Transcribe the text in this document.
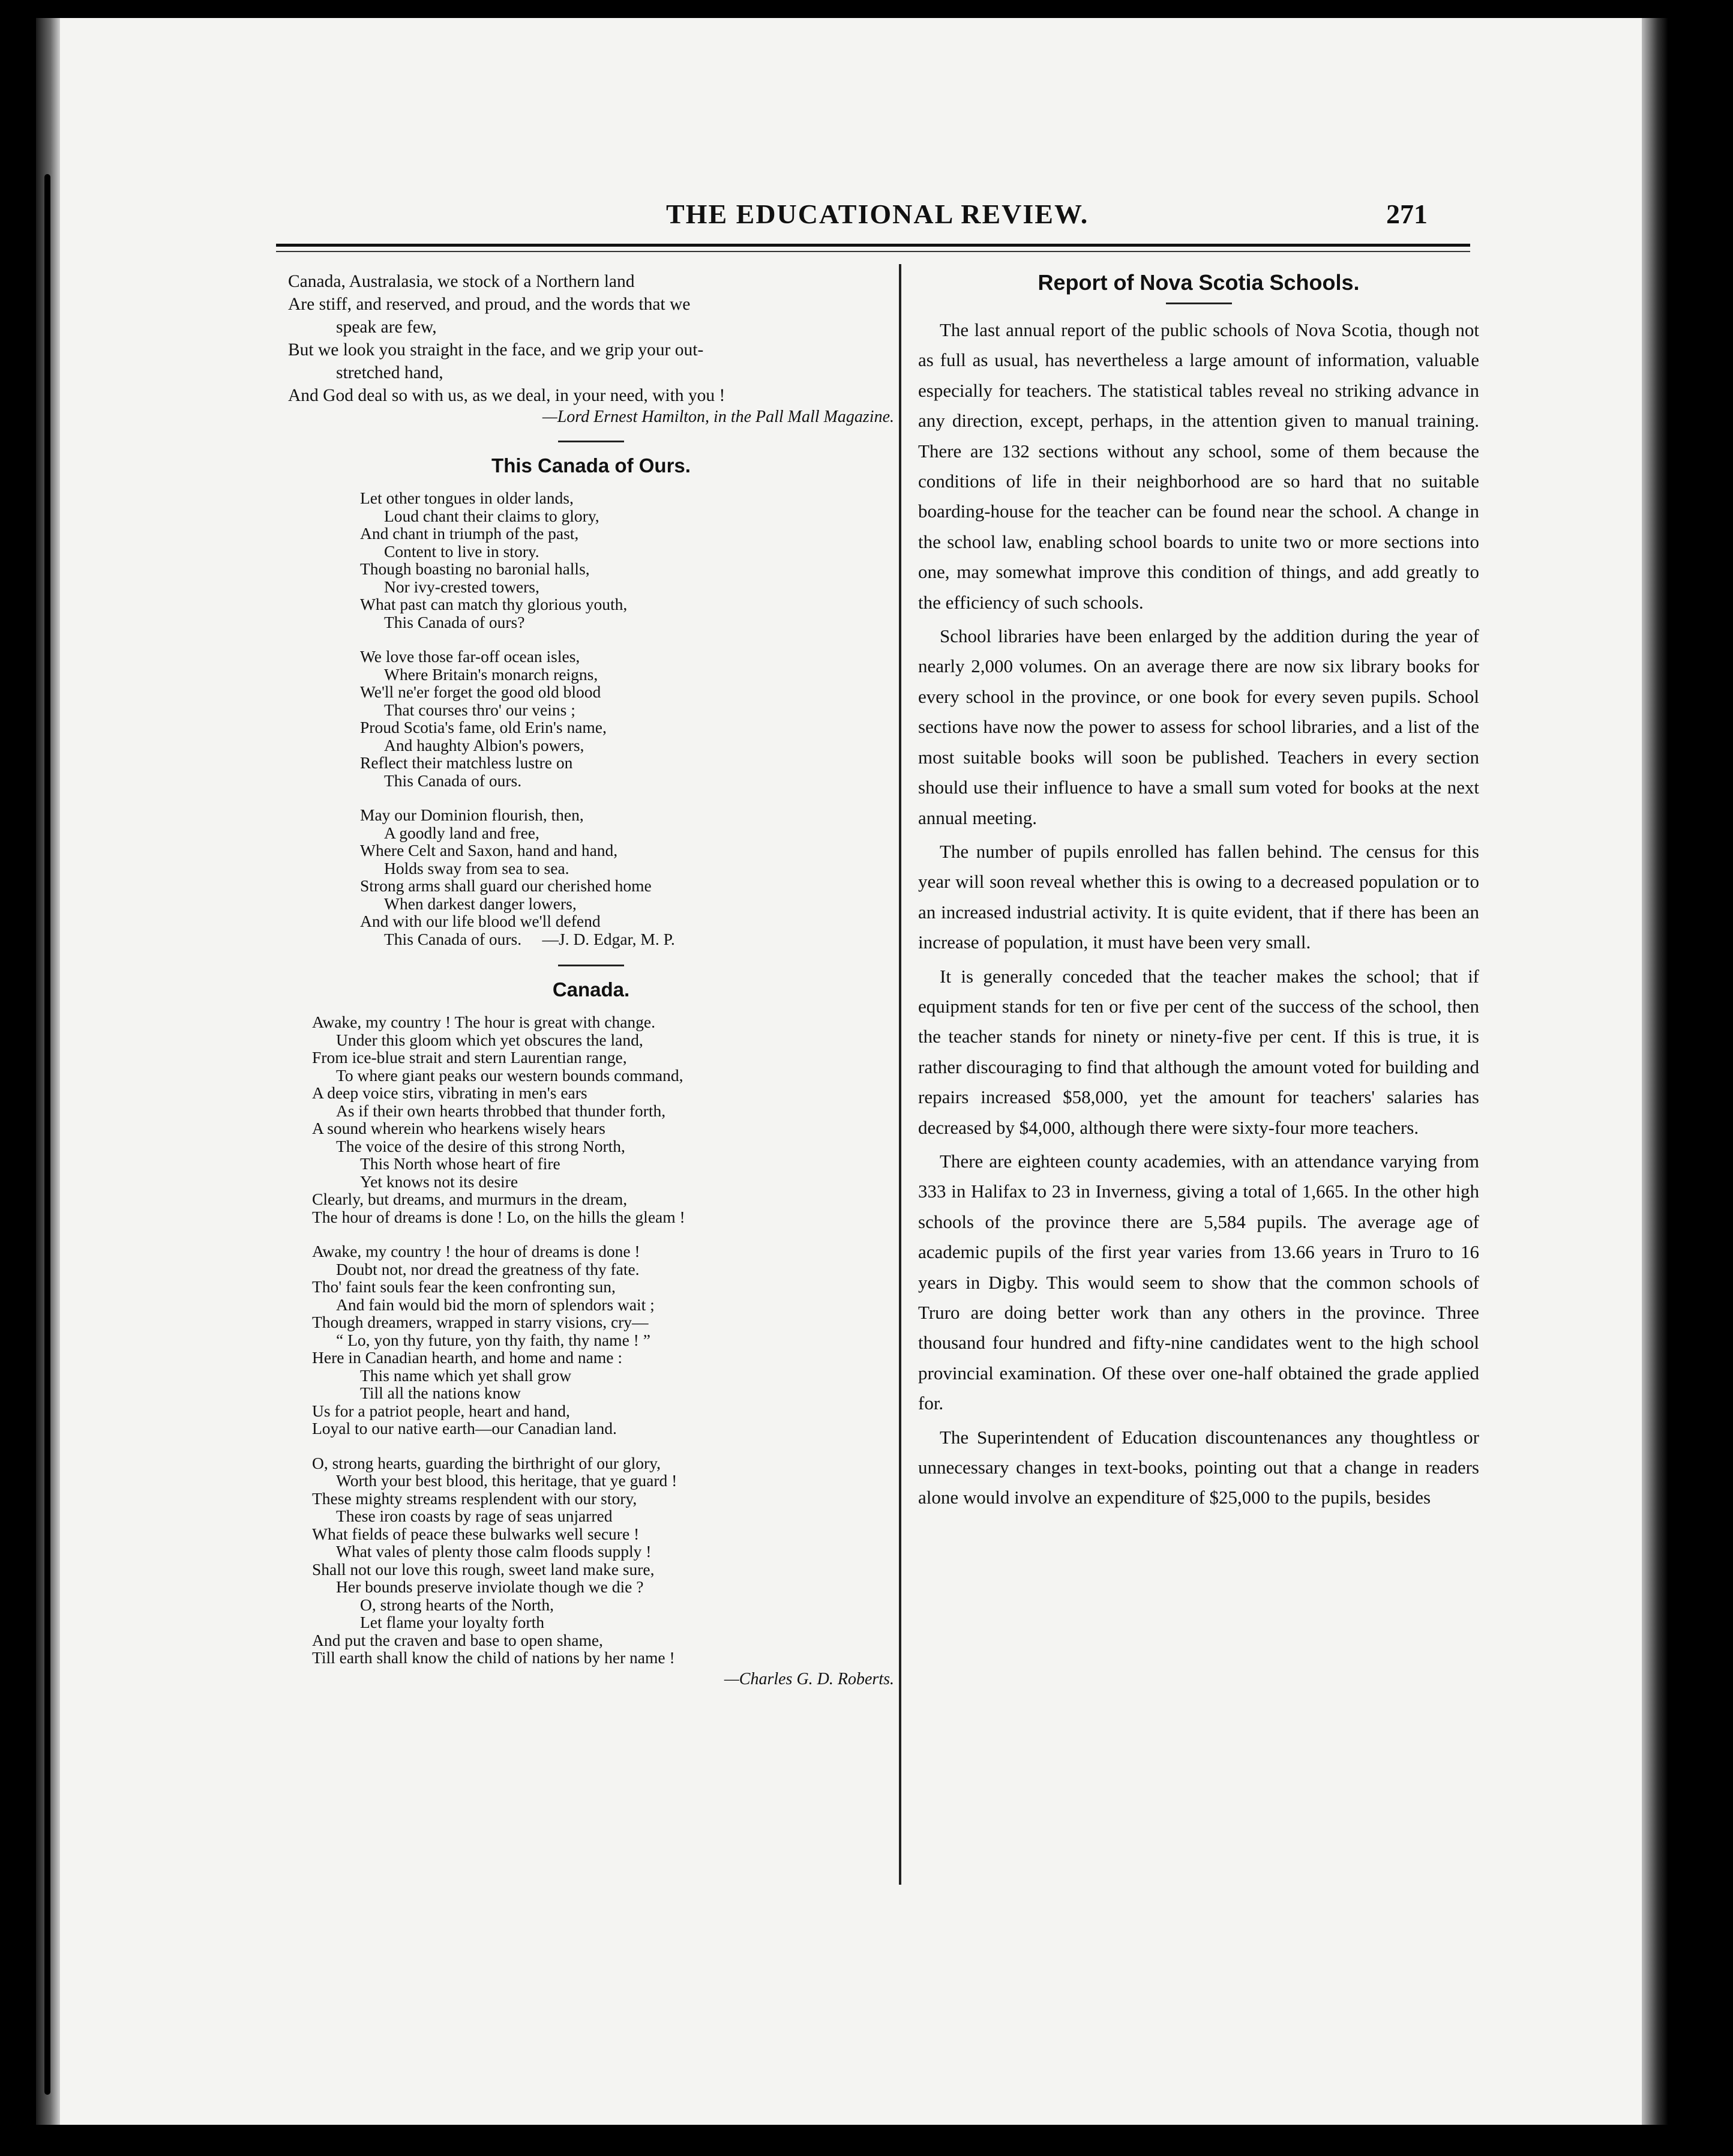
THE EDUCATIONAL REVIEW.	271
Canada, Australasia, we stock of a Northern land
Are stiff, and reserved, and proud, and the words that we
speak are few,
But we look you straight in the face, and we grip your out-
stretched hand,
And God deal so with us, as we deal, in your need, with you !
—Lord Ernest Hamilton, in the Pall Mall Magazine.
This Canada of Ours.
Let other tongues in older lands,
Loud chant their claims to glory,
And chant in triumph of the past,
Content to live in story.
Though boasting no baronial halls,
Nor ivy-crested towers,
What past can match thy glorious youth,
This Canada of ours?
We love those far-off ocean isles,
Where Britain's monarch reigns,
We'll ne'er forget the good old blood
That courses thro' our veins ;
Proud Scotia's fame, old Erin's name,
And haughty Albion's powers,
Reflect their matchless lustre on
This Canada of ours.
May our Dominion flourish, then,
A goodly land and free,
Where Celt and Saxon, hand and hand,
Holds sway from sea to sea.
Strong arms shall guard our cherished home
When darkest danger lowers,
And with our life blood we'll defend
This Canada of ours.     —J. D. Edgar, M. P.
Canada.
Awake, my country ! The hour is great with change.
Under this gloom which yet obscures the land,
From ice-blue strait and stern Laurentian range,
To where giant peaks our western bounds command,
A deep voice stirs, vibrating in men's ears
As if their own hearts throbbed that thunder forth,
A sound wherein who hearkens wisely hears
The voice of the desire of this strong North,
This North whose heart of fire
Yet knows not its desire
Clearly, but dreams, and murmurs in the dream,
The hour of dreams is done ! Lo, on the hills the gleam !
Awake, my country ! the hour of dreams is done !
Doubt not, nor dread the greatness of thy fate.
Tho' faint souls fear the keen confronting sun,
And fain would bid the morn of splendors wait ;
Though dreamers, wrapped in starry visions, cry—
“ Lo, yon thy future, yon thy faith, thy name ! ”
Here in Canadian hearth, and home and name :
This name which yet shall grow
Till all the nations know
Us for a patriot people, heart and hand,
Loyal to our native earth—our Canadian land.
O, strong hearts, guarding the birthright of our glory,
Worth your best blood, this heritage, that ye guard !
These mighty streams resplendent with our story,
These iron coasts by rage of seas unjarred
What fields of peace these bulwarks well secure !
What vales of plenty those calm floods supply !
Shall not our love this rough, sweet land make sure,
Her bounds preserve inviolate though we die ?
O, strong hearts of the North,
Let flame your loyalty forth
And put the craven and base to open shame,
Till earth shall know the child of nations by her name !
—Charles G. D. Roberts.
Report of Nova Scotia Schools.

The last annual report of the public schools of Nova Scotia, though not as full as usual, has nevertheless a large amount of information, valuable especially for teachers. The statistical tables reveal no striking advance in any direction, except, perhaps, in the attention given to manual training. There are 132 sections without any school, some of them because the conditions of life in their neighborhood are so hard that no suitable boarding-house for the teacher can be found near the school. A change in the school law, enabling school boards to unite two or more sections into one, may somewhat improve this condition of things, and add greatly to the efficiency of such schools.

School libraries have been enlarged by the addition during the year of nearly 2,000 volumes. On an average there are now six library books for every school in the province, or one book for every seven pupils. School sections have now the power to assess for school libraries, and a list of the most suitable books will soon be published. Teachers in every section should use their influence to have a small sum voted for books at the next annual meeting.

The number of pupils enrolled has fallen behind. The census for this year will soon reveal whether this is owing to a decreased population or to an increased industrial activity. It is quite evident, that if there has been an increase of population, it must have been very small.

It is generally conceded that the teacher makes the school; that if equipment stands for ten or five per cent of the success of the school, then the teacher stands for ninety or ninety-five per cent. If this is true, it is rather discouraging to find that although the amount voted for building and repairs increased $58,000, yet the amount for teachers' salaries has decreased by $4,000, although there were sixty-four more teachers.

There are eighteen county academies, with an attendance varying from 333 in Halifax to 23 in Inverness, giving a total of 1,665. In the other high schools of the province there are 5,584 pupils. The average age of academic pupils of the first year varies from 13.66 years in Truro to 16 years in Digby. This would seem to show that the common schools of Truro are doing better work than any others in the province. Three thousand four hundred and fifty-nine candidates went to the high school provincial examination. Of these over one-half obtained the grade applied for.

The Superintendent of Education discountenances any thoughtless or unnecessary changes in text-books, pointing out that a change in readers alone would involve an expenditure of $25,000 to the pupils, besides
